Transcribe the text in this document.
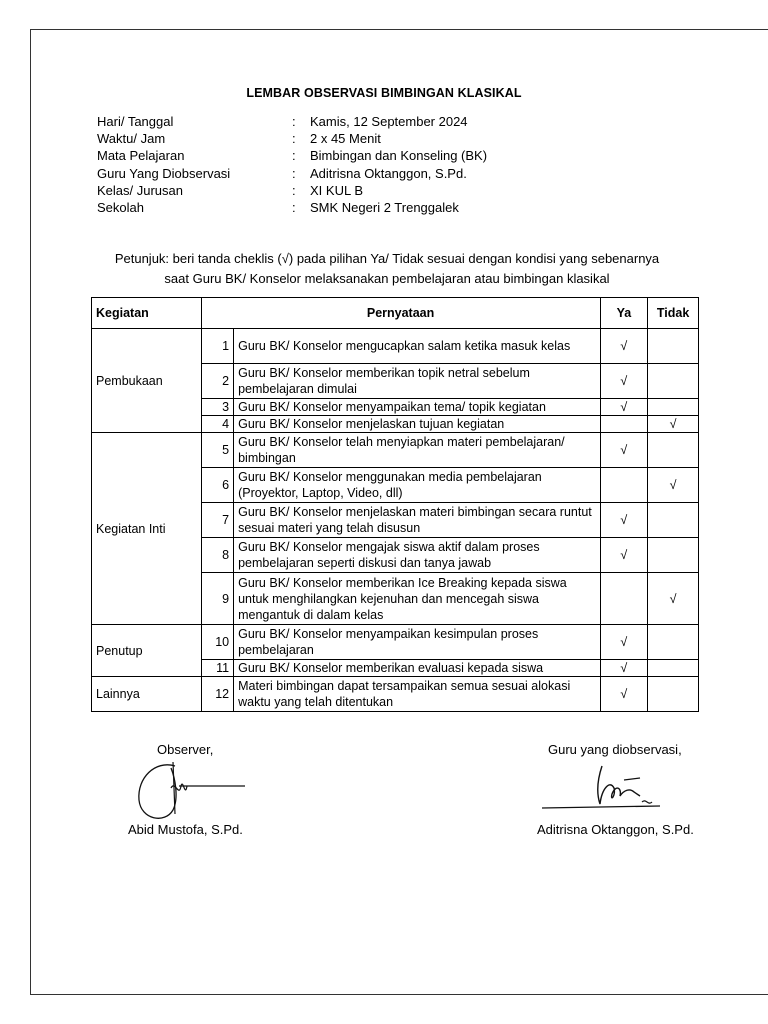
LEMBAR OBSERVASI BIMBINGAN KLASIKAL
Hari/ Tanggal	: Kamis, 12 September 2024
Waktu/ Jam	: 2 x 45 Menit
Mata Pelajaran	: Bimbingan dan Konseling (BK)
Guru Yang Diobservasi	: Aditrisna Oktanggon, S.Pd.
Kelas/ Jurusan	: XI KUL B
Sekolah	: SMK Negeri 2 Trenggalek
Petunjuk: beri tanda cheklis (√) pada pilihan Ya/ Tidak sesuai dengan kondisi yang sebenarnya
saat Guru BK/ Konselor melaksanakan pembelajaran atau bimbingan klasikal
Kegiatan	Pernyataan		Ya	Tidak
Pembukaan	1	Guru BK/ Konselor mengucapkan salam ketika masuk kelas	√	
	2	Guru BK/ Konselor memberikan topik netral sebelum pembelajaran dimulai	√	
	3	Guru BK/ Konselor menyampaikan tema/ topik kegiatan	√	
	4	Guru BK/ Konselor menjelaskan tujuan kegiatan		√
Kegiatan Inti	5	Guru BK/ Konselor telah menyiapkan materi pembelajaran/ bimbingan	√	
	6	Guru BK/ Konselor menggunakan media pembelajaran (Proyektor, Laptop, Video, dll)		√
	7	Guru BK/ Konselor menjelaskan materi bimbingan secara runtut sesuai materi yang telah disusun	√	
	8	Guru BK/ Konselor mengajak siswa aktif dalam proses pembelajaran seperti diskusi dan tanya jawab	√	
	9	Guru BK/ Konselor memberikan Ice Breaking kepada siswa untuk menghilangkan kejenuhan dan mencegah siswa mengantuk di dalam kelas		√
Penutup	10	Guru BK/ Konselor menyampaikan kesimpulan proses pembelajaran	√	
	11	Guru BK/ Konselor memberikan evaluasi kepada siswa	√	
Lainnya	12	Materi bimbingan dapat tersampaikan semua sesuai alokasi waktu yang telah ditentukan	√	
Observer,
Abid Mustofa, S.Pd.
Guru yang diobservasi,
Aditrisna Oktanggon, S.Pd.
